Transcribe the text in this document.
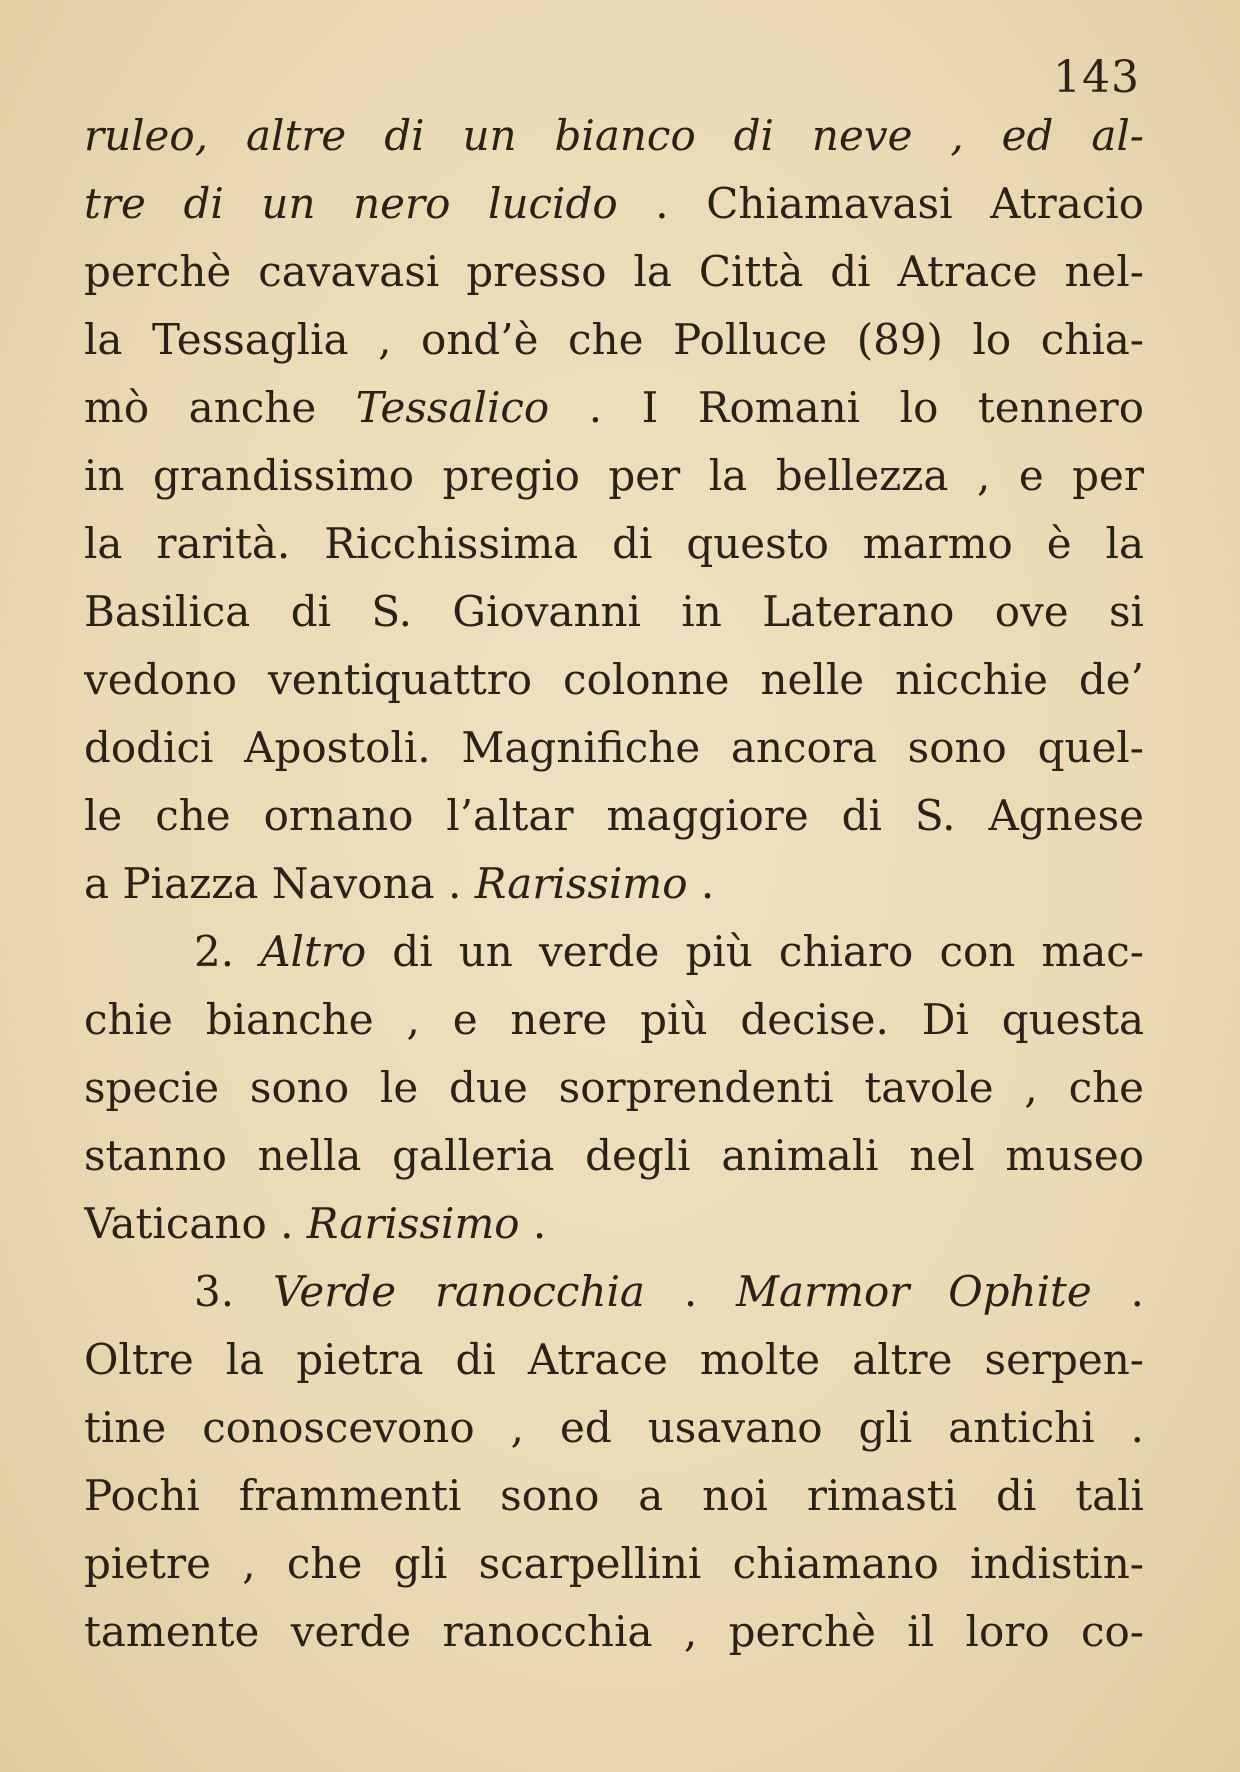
143
ruleo, altre di un bianco di neve , ed al-
tre di un nero lucido . Chiamavasi Atracio
perchè cavavasi presso la Città di Atrace nel-
la Tessaglia , ond’è che Polluce (89) lo chia-
mò anche Tessalico . I Romani lo tennero
in grandissimo pregio per la bellezza , e per
la rarità. Ricchissima di questo marmo è la
Basilica di S. Giovanni in Laterano ove si
vedono ventiquattro colonne nelle nicchie de’
dodici Apostoli. Magnifiche ancora sono quel-
le che ornano l’altar maggiore di S. Agnese
a Piazza Navona . Rarissimo .
2. Altro di un verde più chiaro con mac-
chie bianche , e nere più decise. Di questa
specie sono le due sorprendenti tavole , che
stanno nella galleria degli animali nel museo
Vaticano . Rarissimo .
3. Verde ranocchia . Marmor Ophite .
Oltre la pietra di Atrace molte altre serpen-
tine conoscevono , ed usavano gli antichi .
Pochi frammenti sono a noi rimasti di tali
pietre , che gli scarpellini chiamano indistin-
tamente verde ranocchia , perchè il loro co-
